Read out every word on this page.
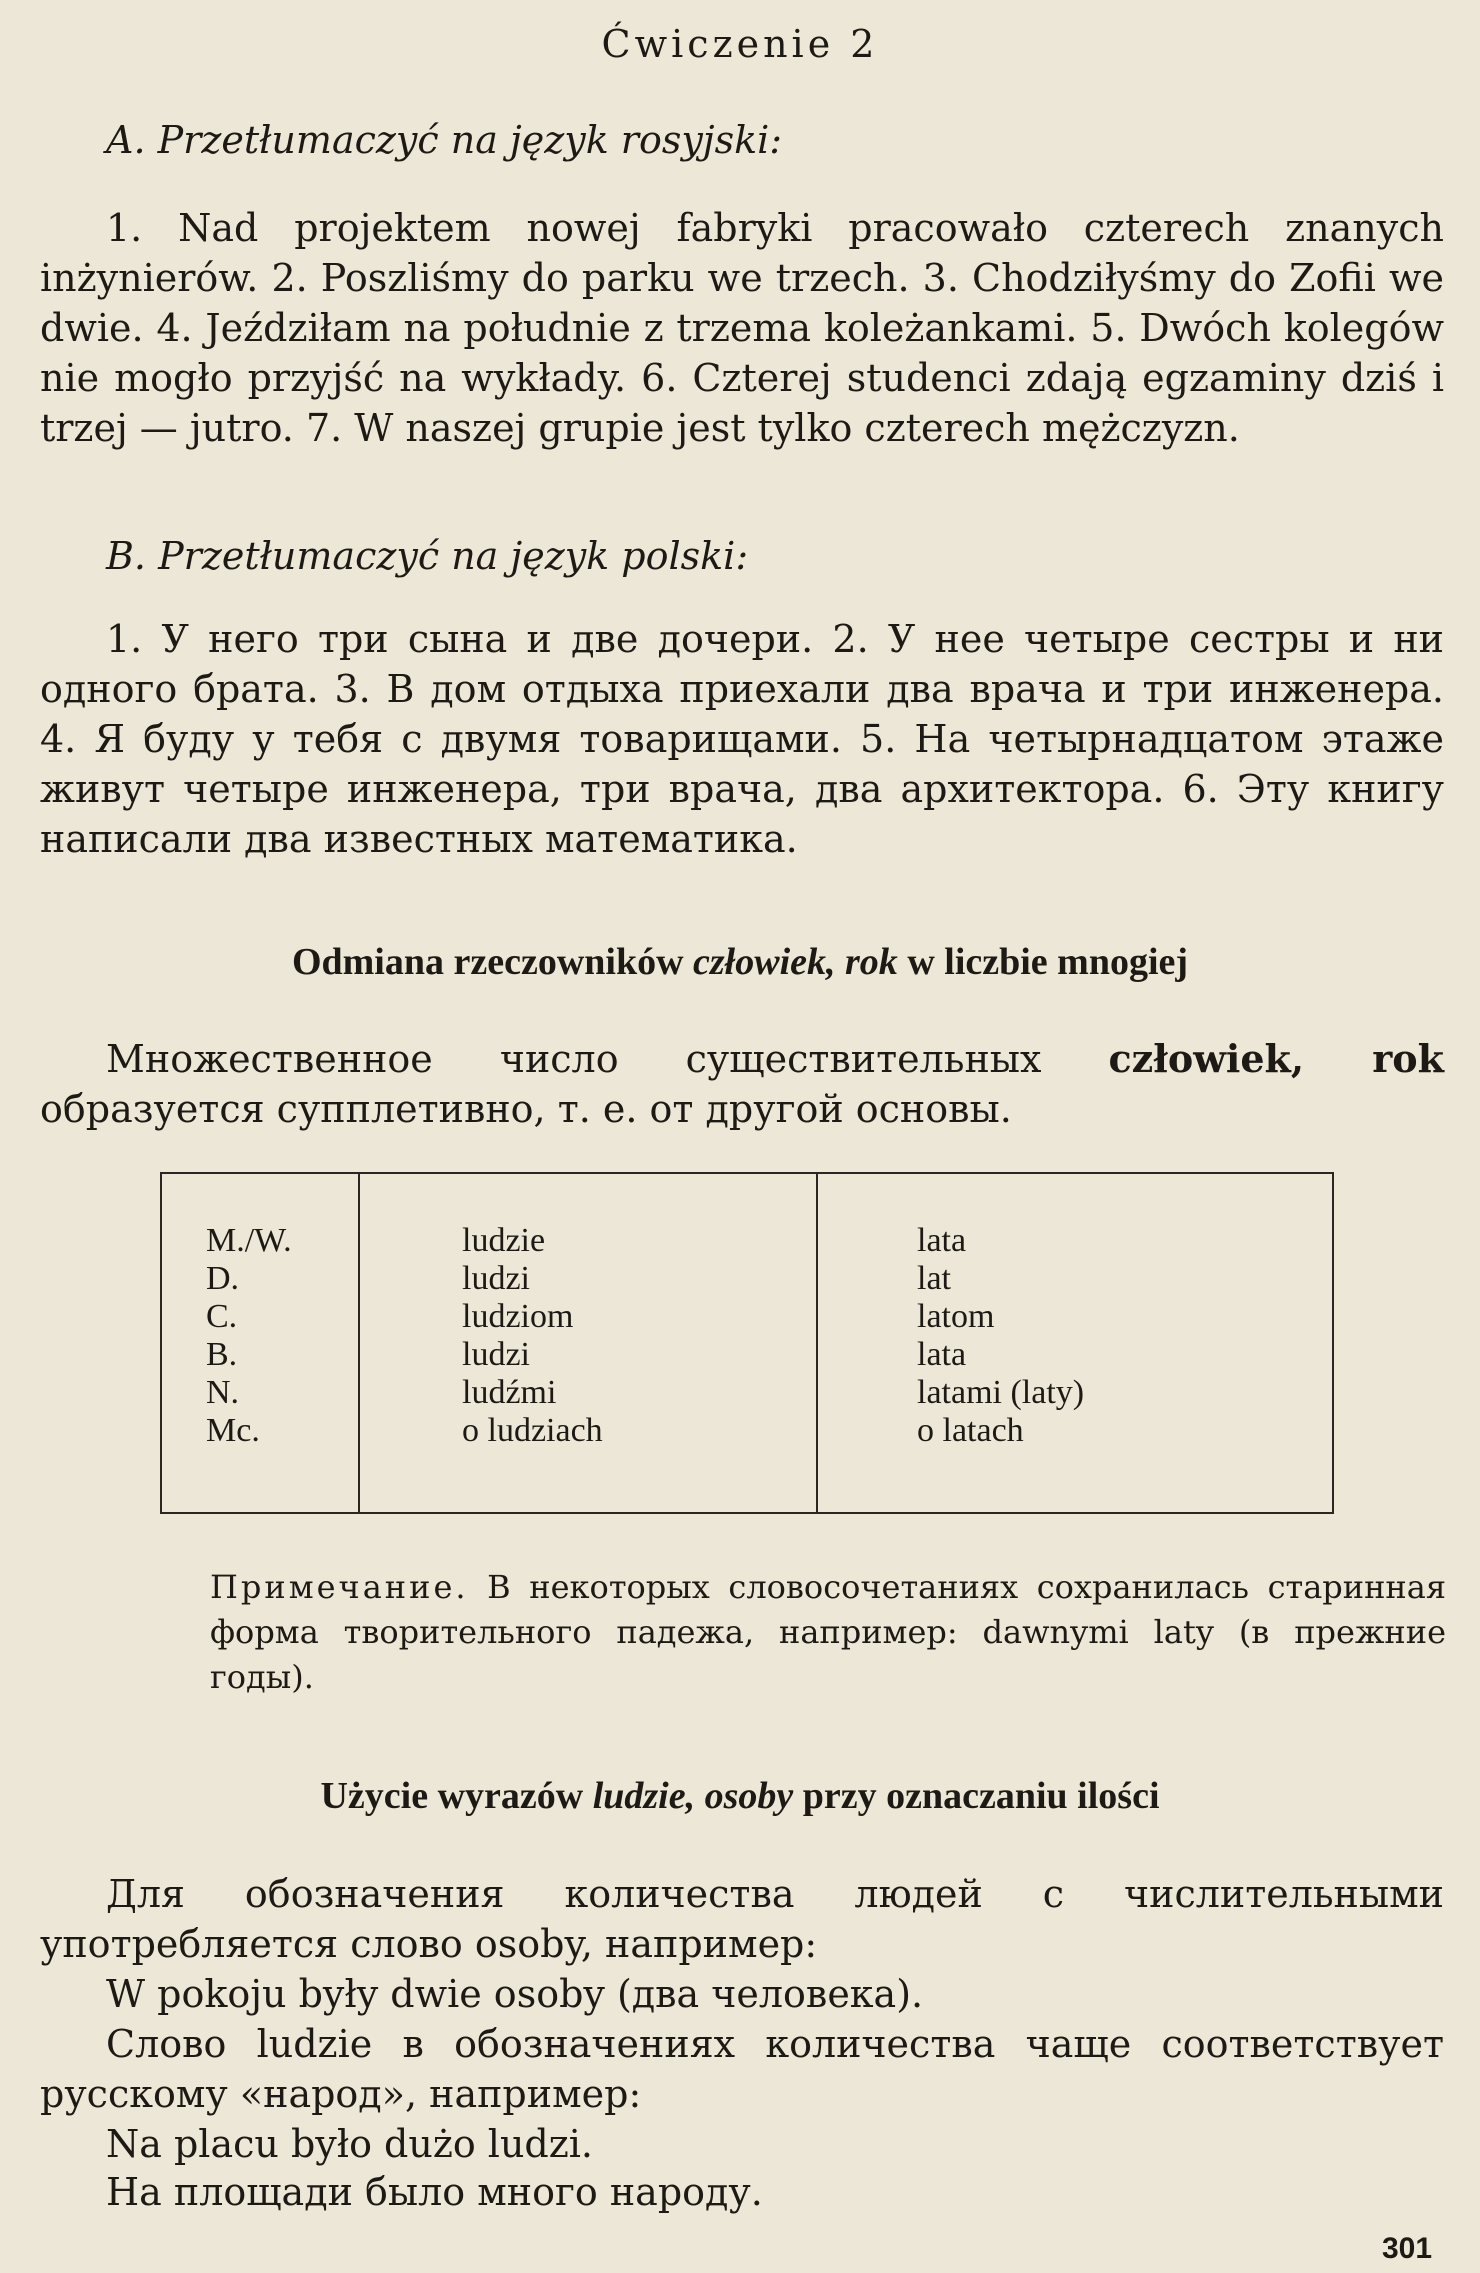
Ćwiczenie 2
A. Przetłumaczyć na język rosyjski:

1. Nad projektem nowej fabryki pracowało czterech znanych inżynierów. 2. Poszliśmy do parku we trzech. 3. Chodziłyśmy do Zofii we dwie. 4. Jeździłam na południe z trzema koleżankami. 5. Dwóch kolegów nie mogło przyjść na wykłady. 6. Czterej studenci zdają egzaminy dziś i trzej — jutro. 7. W naszej grupie jest tylko czterech mężczyzn.

B. Przetłumaczyć na język polski:

1. У него три сына и две дочери. 2. У нее четыре сестры и ни одного брата. 3. В дом отдыха приехали два врача и три инженера. 4. Я буду у тебя с двумя товарищами. 5. На четырнадцатом этаже живут четыре инженера, три врача, два архитектора. 6. Эту книгу написали два известных математика.

Odmiana rzeczowników człowiek, rok w liczbie mnogiej

Множественное число существительных człowiek, rok образуется супплетивно, т. е. от другой основы.

M./W.
D.
C.
B.
N.
Mc.
ludzie
ludzi
ludziom
ludzi
ludźmi
o ludziach
lata
lat
latom
lata
latami (laty)
o latach
Примечание. В некоторых словосочетаниях сохранилась старинная форма творительного падежа, например: dawnymi laty (в прежние годы).
Użycie wyrazów ludzie, osoby przy oznaczaniu ilości

Для обозначения количества людей с числительными употребляется слово osoby, например:

W pokoju były dwie osoby (два человека).

Слово ludzie в обозначениях количества чаще соответствует русскому «народ», например:

Na placu było dużo ludzi.
На площади было много народу.
301
